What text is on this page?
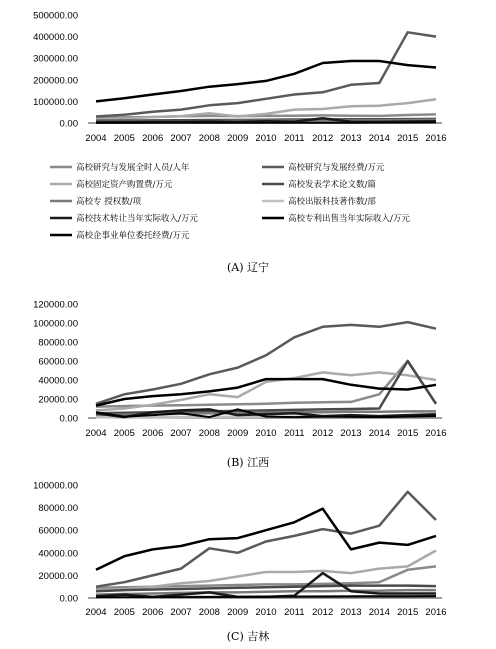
0.00
100000.00
200000.00
300000.00
400000.00
500000.00
2004 2005 2006 2007 2008 2009 2010 2011 2012 2013 2014 2015 2016
(A) 辽宁
高校研究与发展全时人员/人年	高校研究与发展经费/万元
高校固定资产购置费/万元	高校发表学术论文数/篇
高校专 授权数/项	高校出版科技著作数/部
高校技术转让当年实际收入/万元	高校专利出售当年实际收入/万元
高校企事业单位委托经费/万元
0.00
20000.00
40000.00
60000.00
80000.00
100000.00
120000.00
2004 2005 2006 2007 2008 2009 2010 2011 2012 2013 2014 2015 2016
(B) 江西
0.00
20000.00
40000.00
60000.00
80000.00
100000.00
2004 2005 2006 2007 2008 2009 2010 2011 2012 2013 2014 2015 2016
(C) 吉林
